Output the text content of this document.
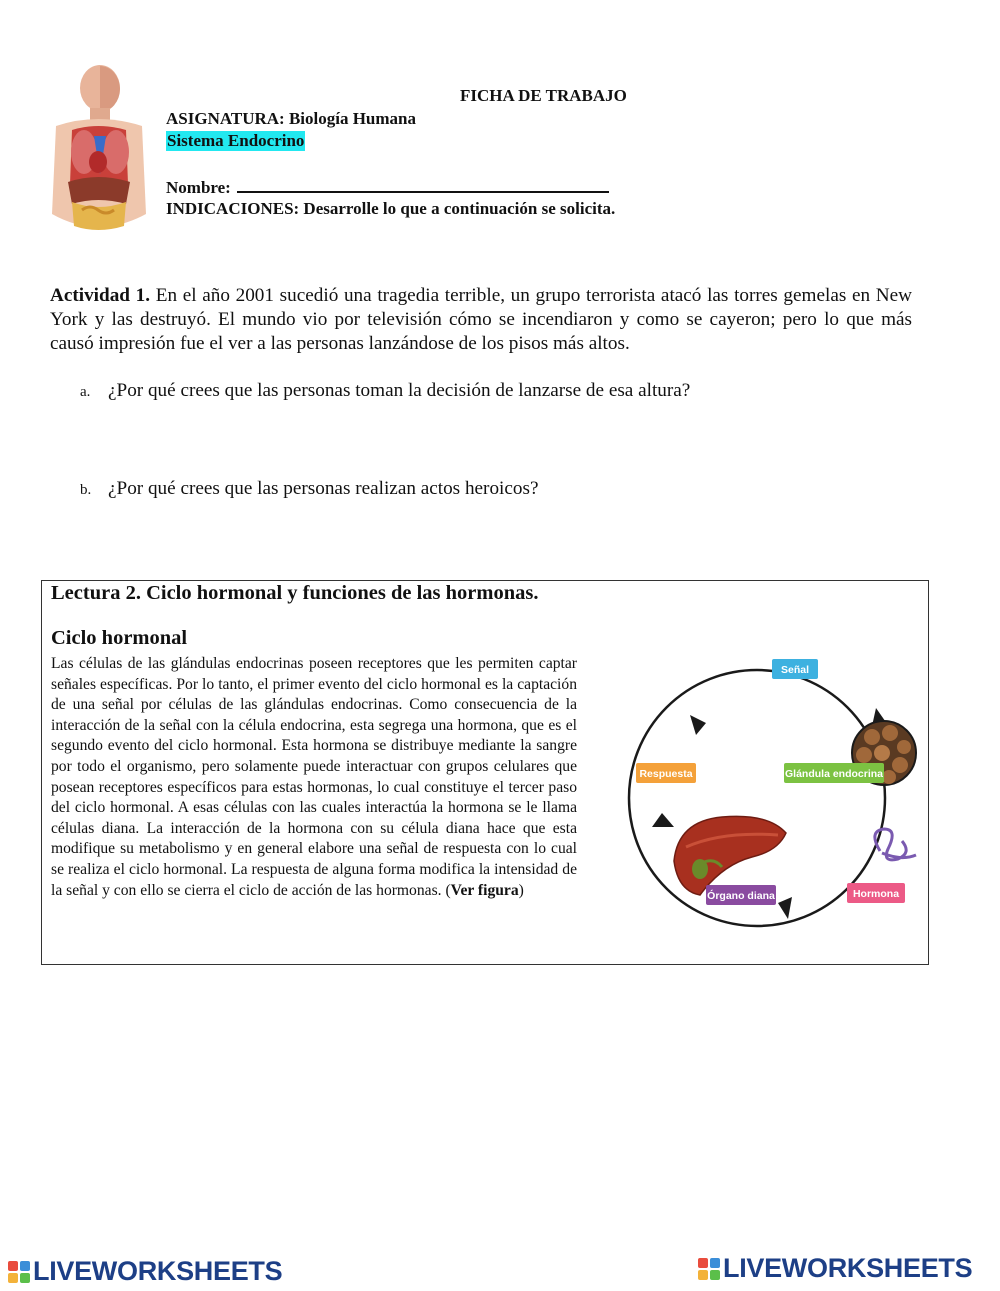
FICHA DE TRABAJO
ASIGNATURA: Biología Humana
Sistema Endocrino
Nombre:
INDICACIONES: Desarrolle lo que a continuación se solicita.
Actividad 1. En el año 2001 sucedió una tragedia terrible, un grupo terrorista atacó las torres gemelas en New York y las destruyó. El mundo vio por televisión cómo se incendiaron y como se cayeron; pero lo que más causó impresión fue el ver a las personas lanzándose de los pisos más altos.
a. ¿Por qué crees que las personas toman la decisión de lanzarse de esa altura?
b. ¿Por qué crees que las personas realizan actos heroicos?
Lectura 2. Ciclo hormonal y funciones de las hormonas.
Ciclo hormonal
Las células de las glándulas endocrinas poseen receptores que les permiten captar señales específicas. Por lo tanto, el primer evento del ciclo hormonal es la captación de una señal por células de las glándulas endocrinas. Como consecuencia de la interacción de la señal con la célula endocrina, esta segrega una hormona, que es el segundo evento del ciclo hormonal. Esta hormona se distribuye mediante la sangre por todo el organismo, pero solamente puede interactuar con grupos celulares que posean receptores específicos para estas hormonas, lo cual constituye el tercer paso del ciclo hormonal. A esas células con las cuales interactúa la hormona se le llama células diana. La interacción de la hormona con su célula diana hace que esta modifique su metabolismo y en general elabore una señal de respuesta con lo cual se realiza el ciclo hormonal. La respuesta de alguna forma modifica la intensidad de la señal y con ello se cierra el ciclo de acción de las hormonas. (Ver figura)
Señal
Glándula endocrina
Hormona
Órgano diana
Respuesta
LIVEWORKSHEETS	LIVEWORKSHEETS
